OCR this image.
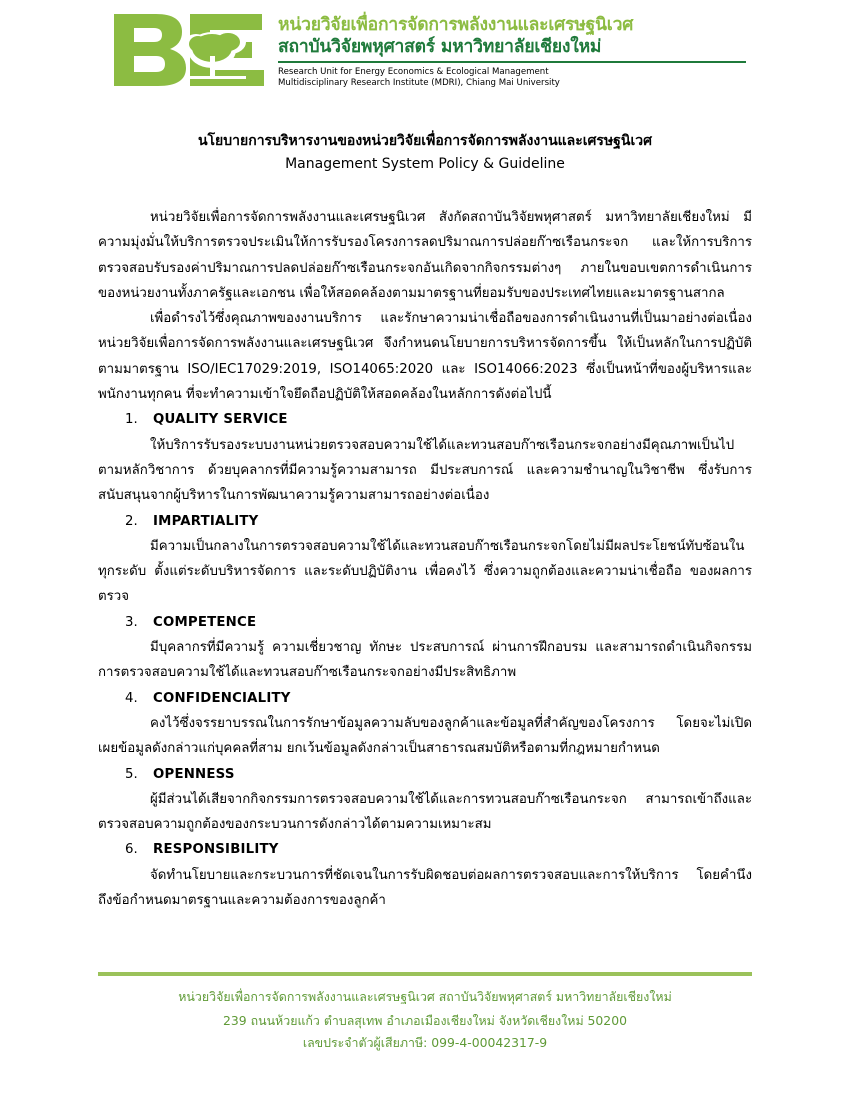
หน่วยวิจัยเพื่อการจัดการพลังงานและเศรษฐนิเวศ
สถาบันวิจัยพหุศาสตร์ มหาวิทยาลัยเชียงใหม่
Research Unit for Energy Economics & Ecological Management
Multidisciplinary Research Institute (MDRI), Chiang Mai University
นโยบายการบริหารงานของหน่วยวิจัยเพื่อการจัดการพลังงานและเศรษฐนิเวศ
Management System Policy & Guideline

หน่วยวิจัยเพื่อการจัดการพลังงานและเศรษฐนิเวศ สังกัดสถาบันวิจัยพหุศาสตร์ มหาวิทยาลัยเชียงใหม่ มีความมุ่งมั่นให้บริการตรวจประเมินให้การรับรองโครงการลดปริมาณการปล่อยก๊าซเรือนกระจก และให้การบริการตรวจสอบรับรองค่าปริมาณการปลดปล่อยก๊าซเรือนกระจกอันเกิดจากกิจกรรมต่างๆ ภายในขอบเขตการดำเนินการของหน่วยงานทั้งภาครัฐและเอกชน เพื่อให้สอดคล้องตามมาตรฐานที่ยอมรับของประเทศไทยและมาตรฐานสากล

เพื่อดำรงไว้ซึ่งคุณภาพของงานบริการ และรักษาความน่าเชื่อถือของการดำเนินงานที่เป็นมาอย่างต่อเนื่อง หน่วยวิจัยเพื่อการจัดการพลังงานและเศรษฐนิเวศ จึงกำหนดนโยบายการบริหารจัดการขึ้น ให้เป็นหลักในการปฏิบัติตามมาตรฐาน ISO/IEC17029:2019, ISO14065:2020 และ ISO14066:2023 ซึ่งเป็นหน้าที่ของผู้บริหารและพนักงานทุกคน ที่จะทำความเข้าใจยึดถือปฏิบัติให้สอดคล้องในหลักการดังต่อไปนี้

1.	QUALITY SERVICE

ให้บริการรับรองระบบงานหน่วยตรวจสอบความใช้ได้และทวนสอบก๊าซเรือนกระจกอย่างมีคุณภาพเป็นไปตามหลักวิชาการ ด้วยบุคลากรที่มีความรู้ความสามารถ มีประสบการณ์ และความชำนาญในวิชาชีพ ซึ่งรับการสนับสนุนจากผู้บริหารในการพัฒนาความรู้ความสามารถอย่างต่อเนื่อง

2.	IMPARTIALITY

มีความเป็นกลางในการตรวจสอบความใช้ได้และทวนสอบก๊าซเรือนกระจกโดยไม่มีผลประโยชน์ทับซ้อนในทุกระดับ ตั้งแต่ระดับบริหารจัดการ และระดับปฏิบัติงาน เพื่อคงไว้ ซึ่งความถูกต้องและความน่าเชื่อถือ ของผลการตรวจ

3.	COMPETENCE

มีบุคลากรที่มีความรู้ ความเชี่ยวชาญ ทักษะ ประสบการณ์ ผ่านการฝึกอบรม และสามารถดำเนินกิจกรรมการตรวจสอบความใช้ได้และทวนสอบก๊าซเรือนกระจกอย่างมีประสิทธิภาพ

4.	CONFIDENCIALITY

คงไว้ซึ่งจรรยาบรรณในการรักษาข้อมูลความลับของลูกค้าและข้อมูลที่สำคัญของโครงการ โดยจะไม่เปิดเผยข้อมูลดังกล่าวแก่บุคคลที่สาม ยกเว้นข้อมูลดังกล่าวเป็นสาธารณสมบัติหรือตามที่กฎหมายกำหนด

5.	OPENNESS

ผู้มีส่วนได้เสียจากกิจกรรมการตรวจสอบความใช้ได้และการทวนสอบก๊าซเรือนกระจก สามารถเข้าถึงและตรวจสอบความถูกต้องของกระบวนการดังกล่าวได้ตามความเหมาะสม

6.	RESPONSIBILITY

จัดทำนโยบายและกระบวนการที่ชัดเจนในการรับผิดชอบต่อผลการตรวจสอบและการให้บริการ โดยคำนึงถึงข้อกำหนดมาตรฐานและความต้องการของลูกค้า

หน่วยวิจัยเพื่อการจัดการพลังงานและเศรษฐนิเวศ สถาบันวิจัยพหุศาสตร์ มหาวิทยาลัยเชียงใหม่
239 ถนนห้วยแก้ว ตำบลสุเทพ อำเภอเมืองเชียงใหม่ จังหวัดเชียงใหม่ 50200
เลขประจำตัวผู้เสียภาษี: 099-4-00042317-9
